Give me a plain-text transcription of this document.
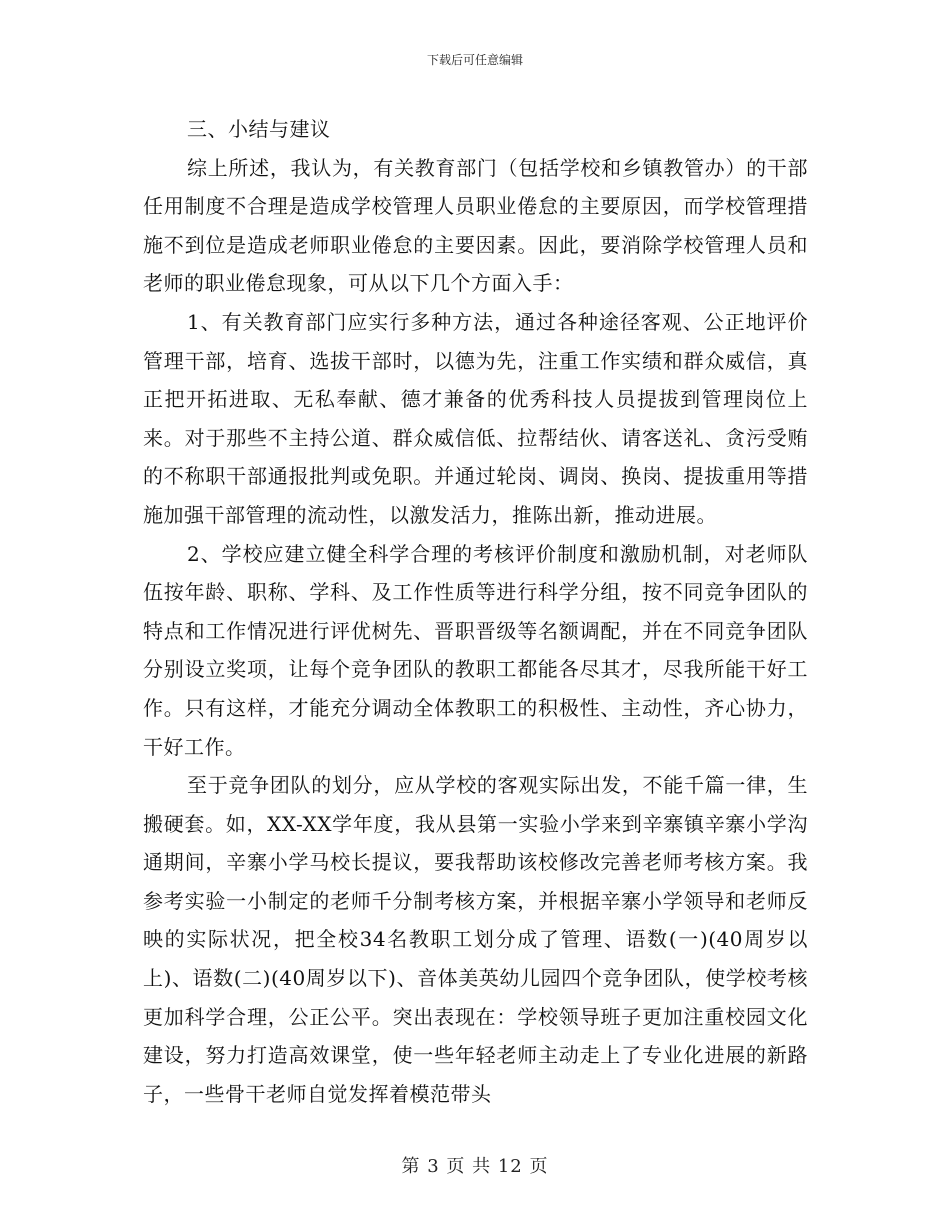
下载后可任意编辑

三、小结与建议

综上所述，我认为，有关教育部门（包括学校和乡镇教管办）的干部任用制度不合理是造成学校管理人员职业倦怠的主要原因，而学校管理措施不到位是造成老师职业倦怠的主要因素。因此，要消除学校管理人员和老师的职业倦怠现象，可从以下几个方面入手：

1、有关教育部门应实行多种方法，通过各种途径客观、公正地评价管理干部，培育、选拔干部时，以德为先，注重工作实绩和群众威信，真正把开拓进取、无私奉献、德才兼备的优秀科技人员提拔到管理岗位上来。对于那些不主持公道、群众威信低、拉帮结伙、请客送礼、贪污受贿的不称职干部通报批判或免职。并通过轮岗、调岗、换岗、提拔重用等措施加强干部管理的流动性，以激发活力，推陈出新，推动进展。

2、学校应建立健全科学合理的考核评价制度和激励机制，对老师队伍按年龄、职称、学科、及工作性质等进行科学分组，按不同竞争团队的特点和工作情况进行评优树先、晋职晋级等名额调配，并在不同竞争团队分别设立奖项，让每个竞争团队的教职工都能各尽其才，尽我所能干好工作。只有这样，才能充分调动全体教职工的积极性、主动性，齐心协力，干好工作。

至于竞争团队的划分，应从学校的客观实际出发，不能千篇一律，生搬硬套。如，XX-XX学年度，我从县第一实验小学来到辛寨镇辛寨小学沟通期间，辛寨小学马校长提议，要我帮助该校修改完善老师考核方案。我参考实验一小制定的老师千分制考核方案，并根据辛寨小学领导和老师反映的实际状况，把全校34名教职工划分成了管理、语数(一)(40周岁以上)、语数(二)(40周岁以下)、音体美英幼儿园四个竞争团队，使学校考核更加科学合理，公正公平。突出表现在：学校领导班子更加注重校园文化建设，努力打造高效课堂，使一些年轻老师主动走上了专业化进展的新路子，一些骨干老师自觉发挥着模范带头

第 3 页 共 12 页
